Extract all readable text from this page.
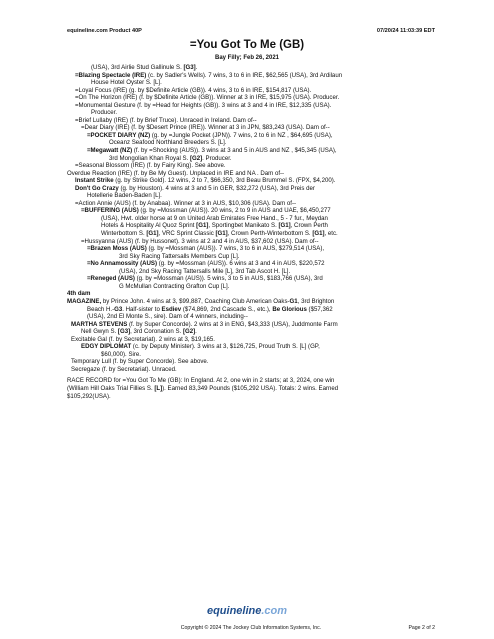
equineline.com Product 40P	07/20/24 11:03:39 EDT
=You Got To Me (GB)
Bay Filly; Feb 26, 2021
(USA), 3rd Airlie Stud Gallinule S. [G3].
=Blazing Spectacle (IRE) (c. by Sadler's Wells). 7 wins, 3 to 6 in IRE, $62,565 (USA), 3rd Ardilaun
House Hotel Oyster S. [L].
=Loyal Focus (IRE) (g. by $Definite Article (GB)). 4 wins, 3 to 6 in IRE, $154,817 (USA).
=On The Horizon (IRE) (f. by $Definite Article (GB)). Winner at 3 in IRE, $15,975 (USA). Producer.
=Monumental Gesture (f. by =Head for Heights (GB)). 3 wins at 3 and 4 in IRE, $12,335 (USA).
Producer.
=Brief Lullaby (IRE) (f. by Brief Truce). Unraced in Ireland. Dam of--
=Dear Diary (IRE) (f. by $Desert Prince (IRE)). Winner at 3 in JPN, $83,243 (USA). Dam of--
=POCKET DIARY (NZ) (g. by =Jungle Pocket (JPN)). 7 wins, 2 to 6 in NZ , $64,695 (USA),
Oceanz Seafood Northland Breeders S. [L].
=Megawatt (NZ) (f. by =Shocking (AUS)). 3 wins at 3 and 5 in AUS and NZ , $45,345 (USA),
3rd Mongolian Khan Royal S. [G2]. Producer.
=Seasonal Blossom (IRE) (f. by Fairy King). See above.
Overdue Reaction (IRE) (f. by Be My Guest). Unplaced in IRE and NA . Dam of--
Instant Strike (g. by Strike Gold). 12 wins, 2 to 7, $66,350, 3rd Beau Brummel S. (FPX, $4,200).
Don't Go Crazy (g. by Houston). 4 wins at 3 and 5 in GER, $32,272 (USA), 3rd Preis der
Hotellerie Baden-Baden [L].
=Action Annie (AUS) (f. by Anabaa). Winner at 3 in AUS, $10,306 (USA). Dam of--
=BUFFERING (AUS) (g. by =Mossman (AUS)). 20 wins, 2 to 9 in AUS and UAE, $6,450,277
(USA), Hwt. older horse at 9 on United Arab Emirates Free Hand., 5 - 7 fur., Meydan
Hotels & Hospitality Al Quoz Sprint [G1], Sportingbet Manikato S. [G1], Crown Perth
Winterbottom S. [G1], VRC Sprint Classic [G1], Crown Perth-Winterbottom S. [G1], etc.
=Hussyanna (AUS) (f. by Hussonet). 3 wins at 2 and 4 in AUS, $37,602 (USA). Dam of--
=Brazen Moss (AUS) (g. by =Mossman (AUS)). 7 wins, 3 to 6 in AUS, $279,514 (USA),
3rd Sky Racing Tattersalls Members Cup [L].
=No Annamossity (AUS) (g. by =Mossman (AUS)). 6 wins at 3 and 4 in AUS, $220,572
(USA), 2nd Sky Racing Tattersalls Mile [L], 3rd Tab Ascot H. [L].
=Reneged (AUS) (g. by =Mossman (AUS)). 5 wins, 3 to 5 in AUS, $183,766 (USA), 3rd
G McMullan Contracting Grafton Cup [L].
4th dam
MAGAZINE, by Prince John. 4 wins at 3, $99,887, Coaching Club American Oaks-G1, 3rd Brighton
Beach H.-G3. Half-sister to Esdiev ($74,869, 2nd Cascade S., etc.), Be Glorious ($57,362
(USA), 2nd El Monte S., sire). Dam of 4 winners, including--
MARTHA STEVENS (f. by Super Concorde). 2 wins at 3 in ENG, $43,333 (USA), Juddmonte Farm
Nell Gwyn S. [G3], 3rd Coronation S. [G2].
Excitable Gal (f. by Secretariat). 2 wins at 3, $19,165.
EDGY DIPLOMAT (c. by Deputy Minister). 3 wins at 3, $126,725, Proud Truth S. [L] (GP,
$60,000). Sire.
Temporary Lull (f. by Super Concorde). See above.
Secregaze (f. by Secretariat). Unraced.
RACE RECORD for =You Got To Me (GB): In England. At 2, one win in 2 starts; at 3, 2024, one win
(William Hill Oaks Trial Fillies S. [L]). Earned 83,349 Pounds ($105,292 USA). Totals: 2 wins. Earned
$105,292(USA).
equineline.com
Copyright © 2024 The Jockey Club Information Systems, Inc.	Page 2 of 2
